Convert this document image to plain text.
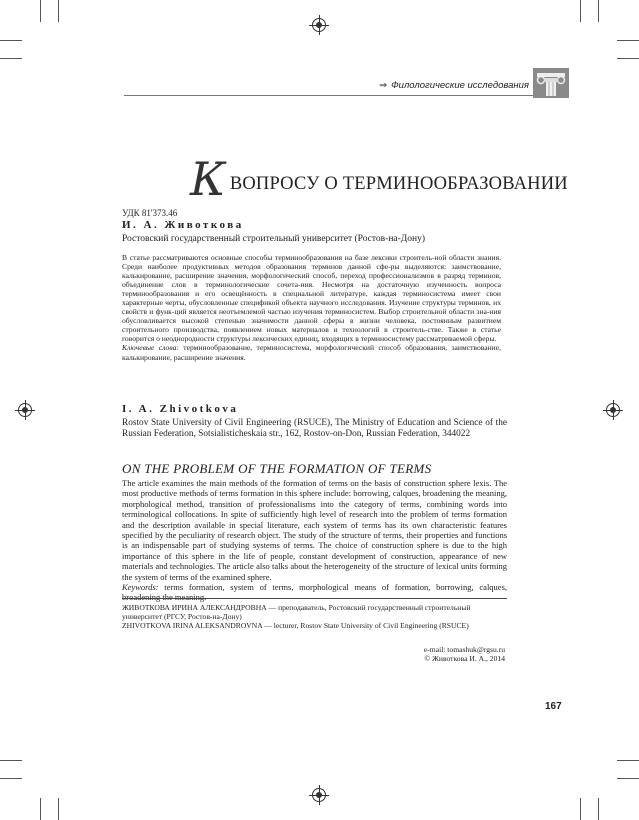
⇒ Филологические исследования
КВОПРОСУ О ТЕРМИНООБРАЗОВАНИИ
УДК 81'373.46
И. А. Животкова
Ростовский государственный строительный университет (Ростов-на-Дону)

В статье рассматриваются основные способы терминообразования на базе лексики строитель-ной области знания. Среди наиболее продуктивных методов образования терминов данной сфе-ры выделяются: заимствование, калькирование, расширение значения, морфологический способ, переход профессионализмов в разряд терминов, объединение слов в терминологические сочета-ния. Несмотря на достаточную изученность вопроса терминообразования и его освещённость в специальной литературе, каждая терминосистема имеет свои характерные черты, обусловленные спецификой объекта научного исследования. Изучение структуры терминов, их свойств и функ-ций является неотъемлемой частью изучения терминосистем. Выбор строительной области зна-ния обусловливается высокой степенью значимости данной сферы в жизни человека, постоянным развитием строительного производства, появлением новых материалов и технологий в строитель-стве. Также в статье говорится о неоднородности структуры лексических единиц, входящих в терминосистему рассматриваемой сферы.

Ключевые слова: терминообразование, терминосистема, морфологический способ образования, заимствование, калькирование, расширение значения.

I. A. Zhivotkova
Rostov State University of Civil Engineering (RSUCE), The Ministry of Education and Science of the Russian Federation, Sotsialisticheskaia str., 162, Rostov-on-Don, Russian Federation, 344022
ON THE PROBLEM OF THE FORMATION OF TERMS

The article examines the main methods of the formation of terms on the basis of construction sphere lexis. The most productive methods of terms formation in this sphere include: borrowing, calques, broadening the meaning, morphological method, transition of professionalisms into the category of terms, combining words into terminological collocations. In spite of sufficiently high level of research into the problem of terms formation and the description available in special literature, each system of terms has its own characteristic features specified by the peculiarity of research object. The study of the structure of terms, their properties and functions is an indispensable part of studying systems of terms. The choice of construction sphere is due to the high importance of this sphere in the life of people, constant development of construction, appearance of new materials and technologies. The article also talks about the heterogeneity of the structure of lexical units forming the system of terms of the examined sphere.

Keywords: terms formation, system of terms, morphological means of formation, borrowing, calques,

ЖИВОТКОВА ИРИНА АЛЕКСАНДРОВНА — преподаватель, Ростовский государственный строительный университет (РГСУ, Ростов-на-Дону)

ZHIVOTKOVA IRINA ALEKSANDROVNA — lecturer, Rostov State University of Civil Engineering (RSUCE)

e-mail: tomashuk@rgsu.ru
© Животкова И. А., 2014
167
